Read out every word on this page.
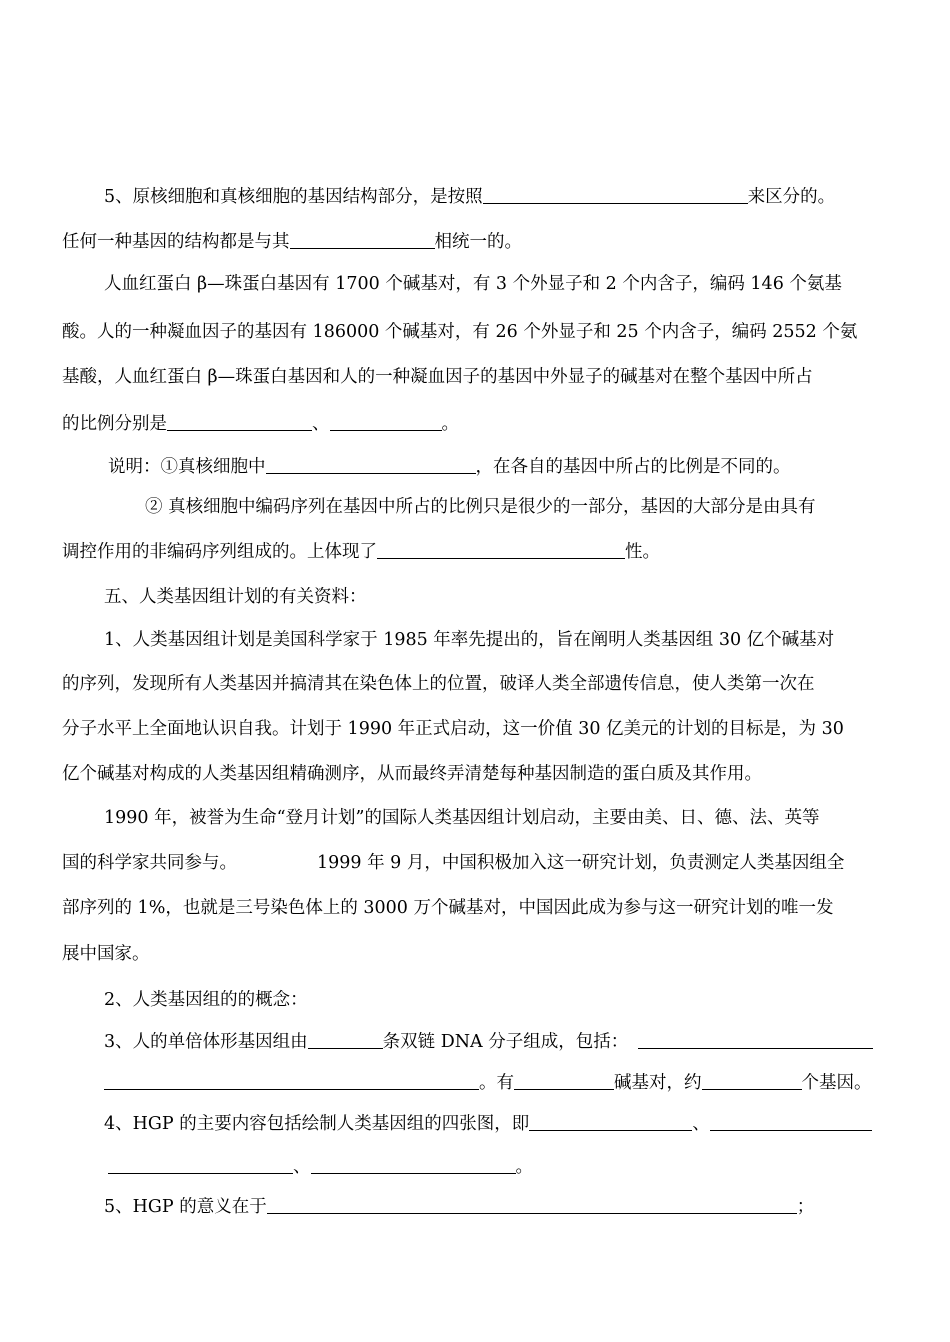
5、原核细胞和真核细胞的基因结构部分，是按照	来区分的。
任何一种基因的结构都是与其	相统一的。
人血红蛋白 β—珠蛋白基因有 1700 个碱基对，有 3 个外显子和 2 个内含子，编码 146 个氨基
酸。人的一种凝血因子的基因有 186000 个碱基对，有 26 个外显子和 25 个内含子，编码 2552 个氨
基酸，人血红蛋白 β—珠蛋白基因和人的一种凝血因子的基因中外显子的碱基对在整个基因中所占
的比例分别是	、	。
说明：①真核细胞中	，在各自的基因中所占的比例是不同的。
② 真核细胞中编码序列在基因中所占的比例只是很少的一部分，基因的大部分是由具有
调控作用的非编码序列组成的。上体现了	性。
五、人类基因组计划的有关资料：
1、人类基因组计划是美国科学家于 1985 年率先提出的，旨在阐明人类基因组 30 亿个碱基对
的序列，发现所有人类基因并搞清其在染色体上的位置，破译人类全部遗传信息，使人类第一次在
分子水平上全面地认识自我。计划于 1990 年正式启动，这一价值 30 亿美元的计划的目标是，为 30
亿个碱基对构成的人类基因组精确测序，从而最终弄清楚每种基因制造的蛋白质及其作用。
1990 年，被誉为生命“登月计划”的国际人类基因组计划启动，主要由美、日、德、法、英等
国的科学家共同参与。	1999 年 9 月，中国积极加入这一研究计划，负责测定人类基因组全
部序列的 1%，也就是三号染色体上的 3000 万个碱基对，中国因此成为参与这一研究计划的唯一发
展中国家。
2、人类基因组的的概念：
3、人的单倍体形基因组由	条双链 DNA 分子组成，包括：
。有	碱基对，约	个基因。
4、HGP 的主要内容包括绘制人类基因组的四张图，即	、
、	。
5、HGP 的意义在于	；
